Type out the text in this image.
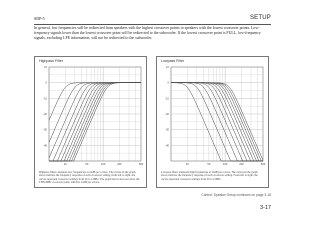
SDP-5	SETUP

In general, low frequencies will be redirected from speakers with the highest crossover points to speakers with the lowest crossover points. Low-frequency signals lower than the lowest crossover point will be redirected to the subwoofer. If the lowest crossover point is FULL, low-frequency signals, excluding LFE information, will not be redirected to the subwoofer.

Highpass Filter
10
0
-10
-20
-30
-40
20	50	100	200	500
Highpass filters attenuate low frequencies at 24dB per octave. The curves in the graph above indicate the frequency response of each crossover setting, from left to right, the curves represent crossover settings from 20 to 120Hz. The graph above does not show the THX 80Hz crossover point, which is 12dB per octave.
Lowpass Filter
10
0
-10
-20
-30
-40
20	50	100	200	500
Lowpass filters attenuate high frequencies at 24dB per octave. The curves in the graph above indicate the frequency response of each crossover setting. From left to right, the curves represent crossover settings from 20 to 120Hz.
Control: Speaker Setup continues on page 3-18
3-17
